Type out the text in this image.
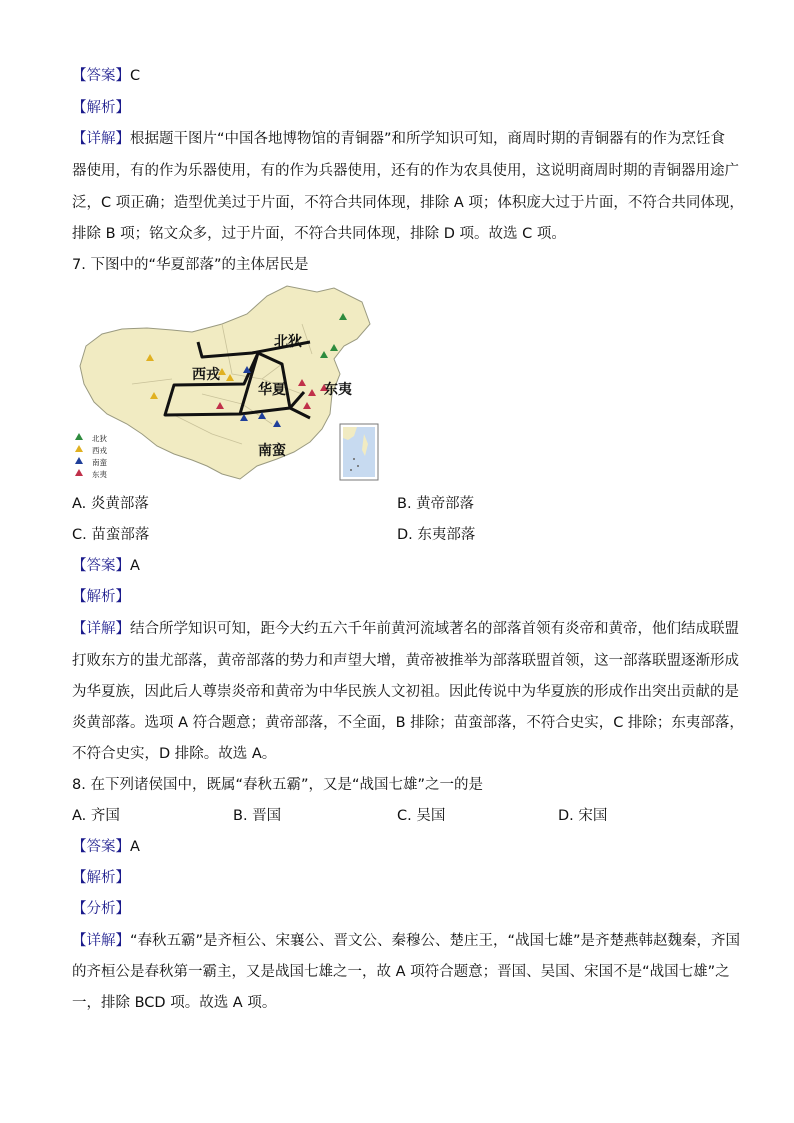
【答案】C
【解析】
【详解】根据题干图片“中国各地博物馆的青铜器”和所学知识可知，商周时期的青铜器有的作为烹饪食
器使用，有的作为乐器使用，有的作为兵器使用，还有的作为农具使用，这说明商周时期的青铜器用途广
泛，C 项正确；造型优美过于片面，不符合共同体现，排除 A 项；体积庞大过于片面，不符合共同体现，
排除 B 项；铭文众多，过于片面，不符合共同体现，排除 D 项。故选 C 项。
7. 下图中的“华夏部落”的主体居民是
北狄
西戎
华夏	东夷
南蛮
北狄
西戎
南蛮
东夷
A. 炎黄部落	B. 黄帝部落
C. 苗蛮部落	D. 东夷部落
【答案】A
【解析】
【详解】结合所学知识可知，距今大约五六千年前黄河流域著名的部落首领有炎帝和黄帝，他们结成联盟
打败东方的蚩尤部落，黄帝部落的势力和声望大增，黄帝被推举为部落联盟首领，这一部落联盟逐渐形成
为华夏族，因此后人尊崇炎帝和黄帝为中华民族人文初祖。因此传说中为华夏族的形成作出突出贡献的是
炎黄部落。选项 A 符合题意；黄帝部落，不全面，B 排除；苗蛮部落，不符合史实，C 排除；东夷部落，
不符合史实，D 排除。故选 A。
8. 在下列诸侯国中，既属“春秋五霸”，又是“战国七雄”之一的是
A. 齐国	B. 晋国	C. 吴国	D. 宋国
【答案】A
【解析】
【分析】
【详解】“春秋五霸”是齐桓公、宋襄公、晋文公、秦穆公、楚庄王，“战国七雄”是齐楚燕韩赵魏秦，齐国
的齐桓公是春秋第一霸主，又是战国七雄之一，故 A 项符合题意；晋国、吴国、宋国不是“战国七雄”之
一，排除 BCD 项。故选 A 项。
